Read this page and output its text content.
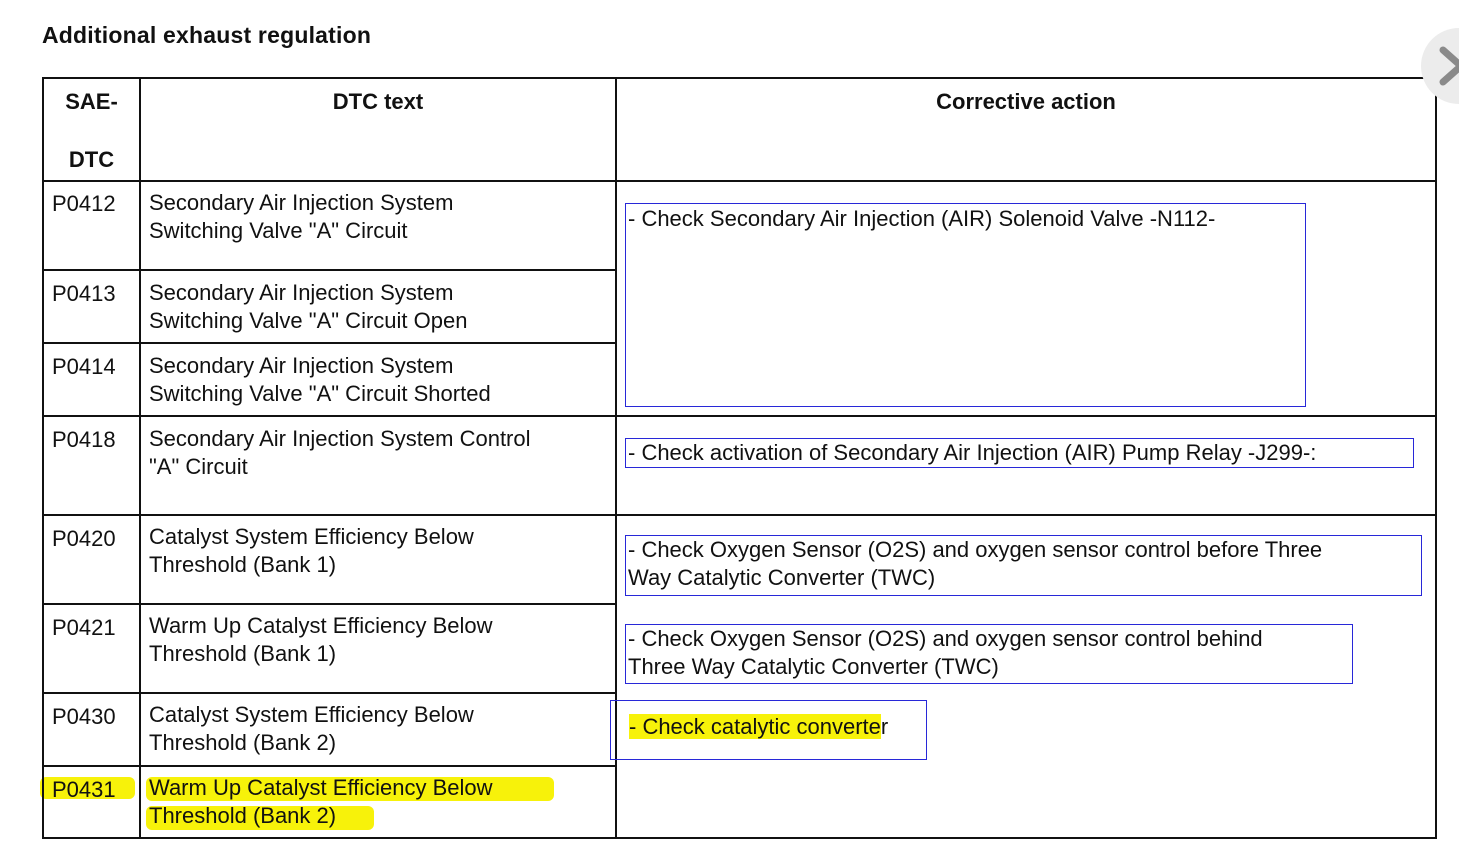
Additional exhaust regulation
SAE-
DTC
DTC text	Corrective action
P0412
P0413
P0414
P0418
P0420
P0421
P0430
P0431
Secondary Air Injection System
Switching Valve "A" Circuit
Secondary Air Injection System
Switching Valve "A" Circuit Open
Secondary Air Injection System
Switching Valve "A" Circuit Shorted
Secondary Air Injection System Control
"A" Circuit
Catalyst System Efficiency Below
Threshold (Bank 1)
Warm Up Catalyst Efficiency Below
Threshold (Bank 1)
Catalyst System Efficiency Below
Threshold (Bank 2)
Warm Up Catalyst Efficiency Below
Threshold (Bank 2)
- Check Secondary Air Injection (AIR) Solenoid Valve -N112-
- Check activation of Secondary Air Injection (AIR) Pump Relay -J299-:
- Check Oxygen Sensor (O2S) and oxygen sensor control before Three
Way Catalytic Converter (TWC)
- Check Oxygen Sensor (O2S) and oxygen sensor control behind
Three Way Catalytic Converter (TWC)
- Check catalytic converter
